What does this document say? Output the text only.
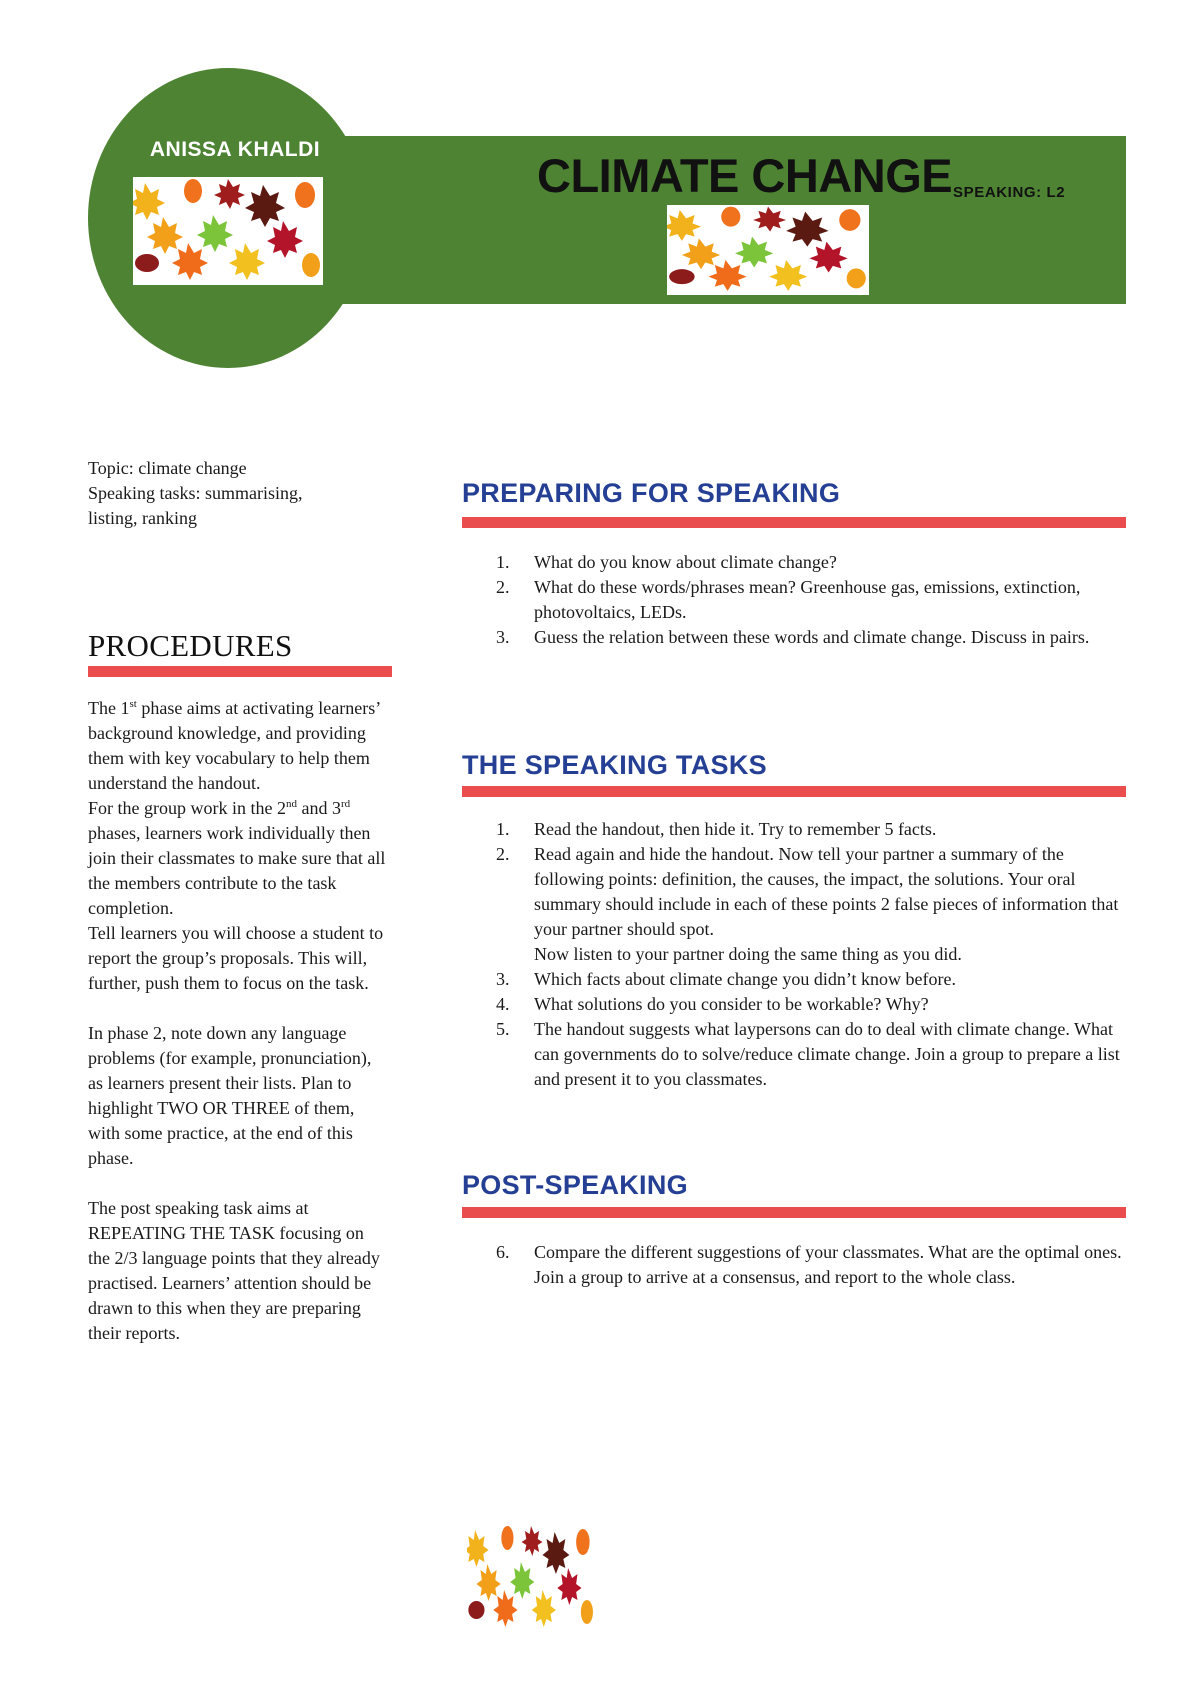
ANISSA KHALDI	CLIMATE CHANGE SPEAKING: L2
Topic: climate change
Speaking tasks: summarising, listing, ranking
PROCEDURES

The 1st phase aims at activating learners’ background knowledge, and providing them with key vocabulary to help them understand the handout.

For the group work in the 2nd and 3rd phases, learners work individually then join their classmates to make sure that all the members contribute to the task completion.

Tell learners you will choose a student to report the group’s proposals. This will, further, push them to focus on the task.

In phase 2, note down any language problems (for example, pronunciation), as learners present their lists. Plan to highlight TWO OR THREE of them, with some practice, at the end of this phase.

The post speaking task aims at REPEATING THE TASK focusing on the 2/3 language points that they already practised. Learners’ attention should be drawn to this when they are preparing their reports.

PREPARING FOR SPEAKING
1. What do you know about climate change?
2. What do these words/phrases mean? Greenhouse gas, emissions, extinction, photovoltaics, LEDs.
3. Guess the relation between these words and climate change. Discuss in pairs.
THE SPEAKING TASKS
1. Read the handout, then hide it. Try to remember 5 facts.
2. Read again and hide the handout. Now tell your partner a summary of the following points: definition, the causes, the impact, the solutions. Your oral summary should include in each of these points 2 false pieces of information that your partner should spot.
Now listen to your partner doing the same thing as you did.
3. Which facts about climate change you didn’t know before.
4. What solutions do you consider to be workable? Why?
5. The handout suggests what laypersons can do to deal with climate change. What can governments do to solve/reduce climate change. Join a group to prepare a list and present it to you classmates.
POST-SPEAKING
6. Compare the different suggestions of your classmates. What are the optimal ones. Join a group to arrive at a consensus, and report to the whole class.
